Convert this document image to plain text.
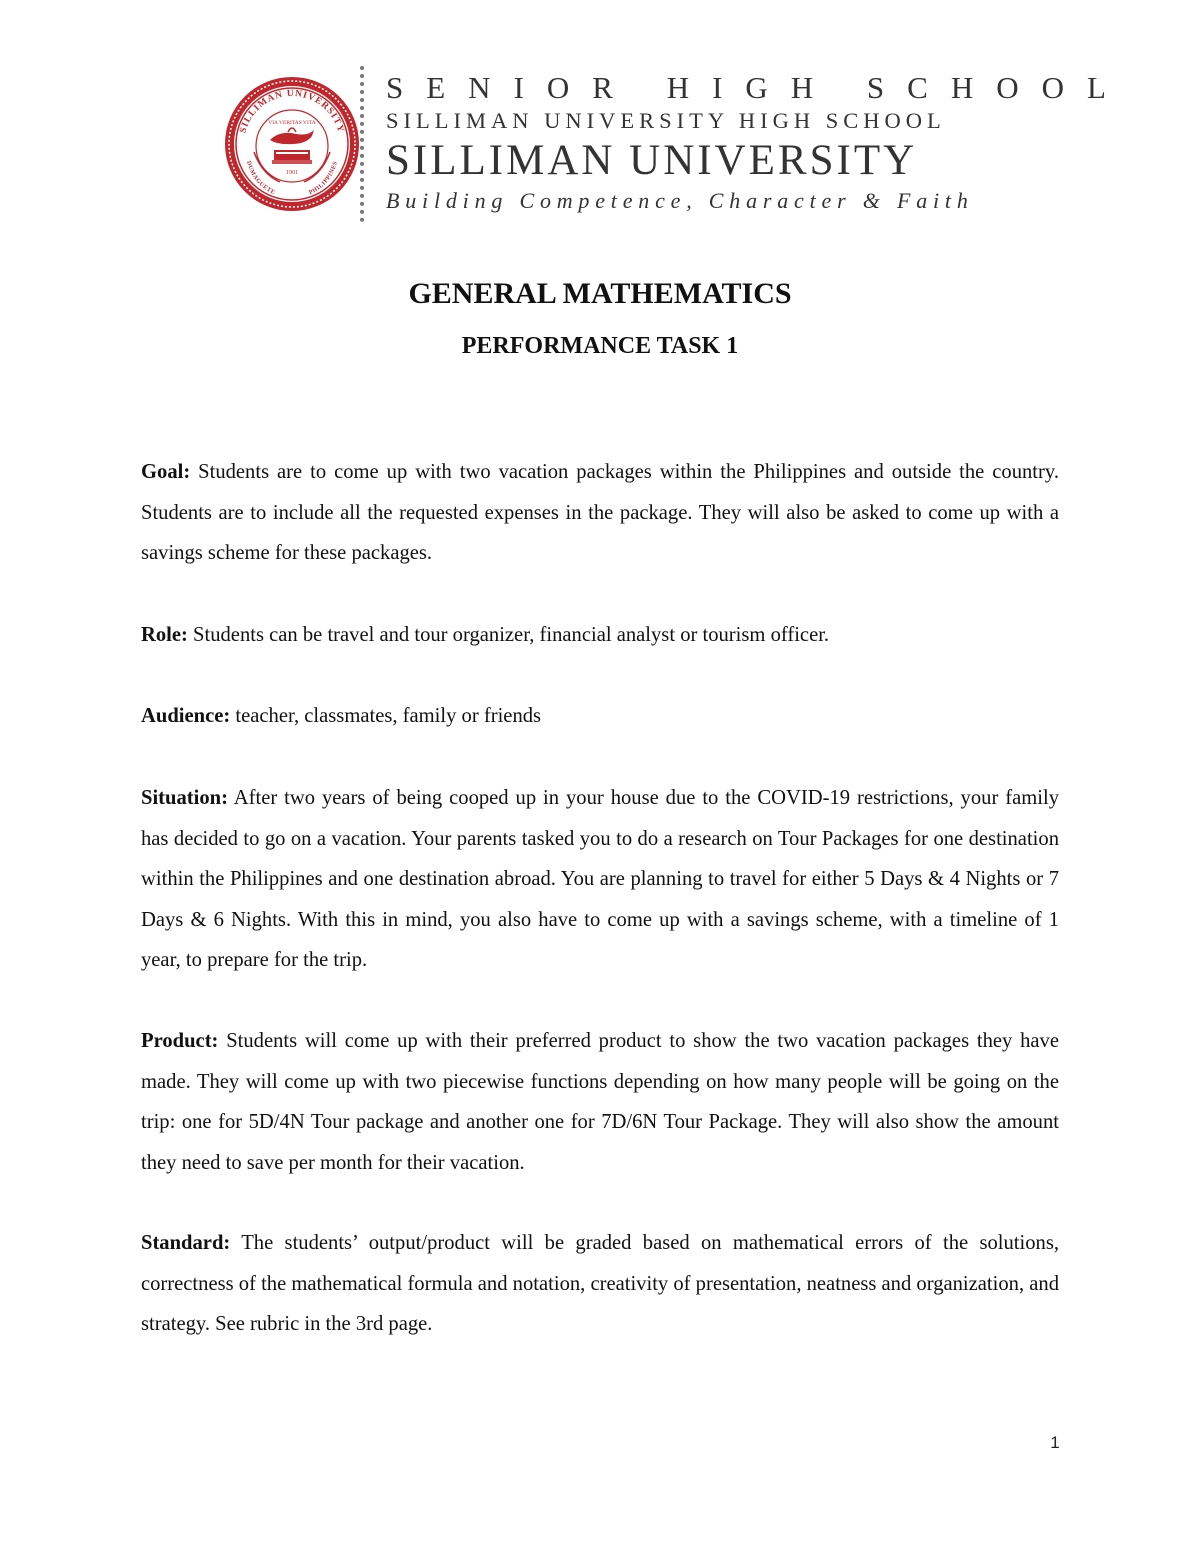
SILLIMAN UNIVERSITY
DUMAGUETE	PHILIPPINES
VIA VERITAS VITA
1901
SENIOR HIGH SCHOOL
SILLIMAN UNIVERSITY HIGH SCHOOL
SILLIMAN UNIVERSITY
Building Competence, Character & Faith
GENERAL MATHEMATICS
PERFORMANCE TASK 1
Goal: Students are to come up with two vacation packages within the Philippines and outside the country. Students are to include all the requested expenses in the package. They will also be asked to come up with a savings scheme for these packages.
Role: Students can be travel and tour organizer, financial analyst or tourism officer.
Audience: teacher, classmates, family or friends
Situation: After two years of being cooped up in your house due to the COVID-19 restrictions, your family has decided to go on a vacation. Your parents tasked you to do a research on Tour Packages for one destination within the Philippines and one destination abroad. You are planning to travel for either 5 Days & 4 Nights or 7 Days & 6 Nights. With this in mind, you also have to come up with a savings scheme, with a timeline of 1 year, to prepare for the trip.
Product: Students will come up with their preferred product to show the two vacation packages they have made. They will come up with two piecewise functions depending on how many people will be going on the trip: one for 5D/4N Tour package and another one for 7D/6N Tour Package. They will also show the amount they need to save per month for their vacation.
Standard: The students’ output/product will be graded based on mathematical errors of the solutions, correctness of the mathematical formula and notation, creativity of presentation, neatness and organization, and strategy. See rubric in the 3rd page.
1
